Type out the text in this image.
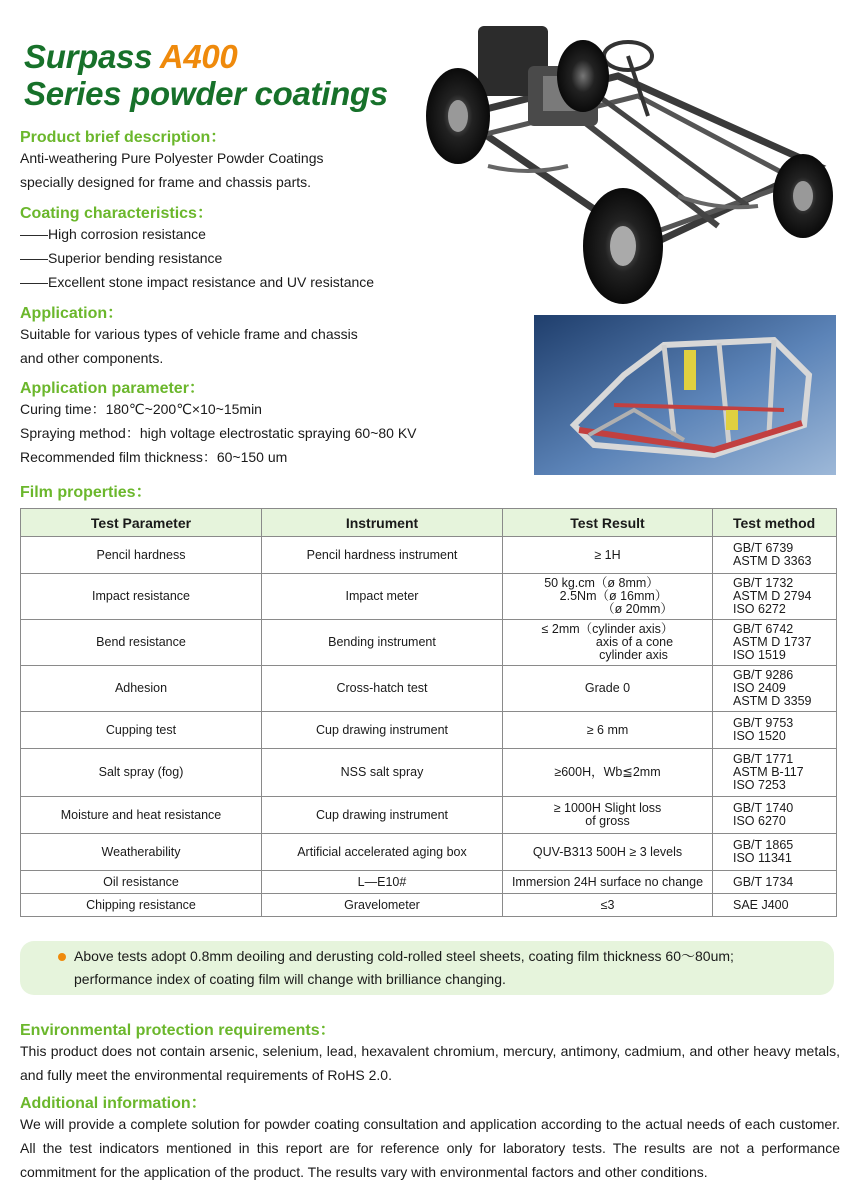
Surpass A400
Series powder coatings
Product brief description：
Anti-weathering Pure Polyester Powder Coatings
specially designed for frame and chassis parts.
Coating characteristics：
——High corrosion resistance
——Superior bending resistance
——Excellent stone impact resistance and UV resistance
Application：
Suitable for various types of vehicle frame and chassis
and other components.
Application parameter：
Curing time：180℃~200℃×10~15min
Spraying method：high voltage electrostatic spraying 60~80 KV
Recommended film thickness：60~150 um
Film properties：
Test Parameter	Instrument	Test Result	Test method
Pencil hardness	Pencil hardness instrument	≥ 1H	GB/T 6739
ASTM D 3363

Impact resistance	Impact meter	50 kg.cm（ø 8mm）
2.5Nm（ø 16mm）
（ø 20mm）	GB/T 1732
ASTM D 2794
ISO 6272

Bend resistance	Bending instrument	≤ 2mm（cylinder axis）
axis of a cone
cylinder axis	GB/T 6742
ASTM D 1737
ISO 1519

Adhesion	Cross-hatch test	Grade 0	GB/T 9286
ISO 2409
ASTM D 3359

Cupping test	Cup drawing instrument	≥ 6 mm	GB/T 9753
ISO 1520

Salt spray (fog)	NSS salt spray	≥600H，Wb≦2mm	GB/T 1771
ASTM B-117
ISO 7253

Moisture and heat resistance	Cup drawing instrument	≥ 1000H Slight loss
of gross	GB/T 1740
ISO 6270

Weatherability	Artificial accelerated aging box	QUV-B313 500H ≥ 3 levels	GB/T 1865
ISO 11341

Oil resistance	L—E10#	Immersion 24H surface no change	GB/T 1734

Chipping resistance	Gravelometer	≤3	SAE J400
Above tests adopt 0.8mm deoiling and derusting cold-rolled steel sheets, coating film thickness 60～80um;
performance index of coating film will change with brilliance changing.
Environmental protection requirements：
This product does not contain arsenic, selenium, lead, hexavalent chromium, mercury, antimony, cadmium, and other heavy metals, and fully meet the environmental requirements of RoHS 2.0.
Additional information：
We will provide a complete solution for powder coating consultation and application according to the actual needs of each customer. All the test indicators mentioned in this report are for reference only for laboratory tests. The results are not a performance commitment for the application of the product. The results vary with environmental factors and other conditions.
